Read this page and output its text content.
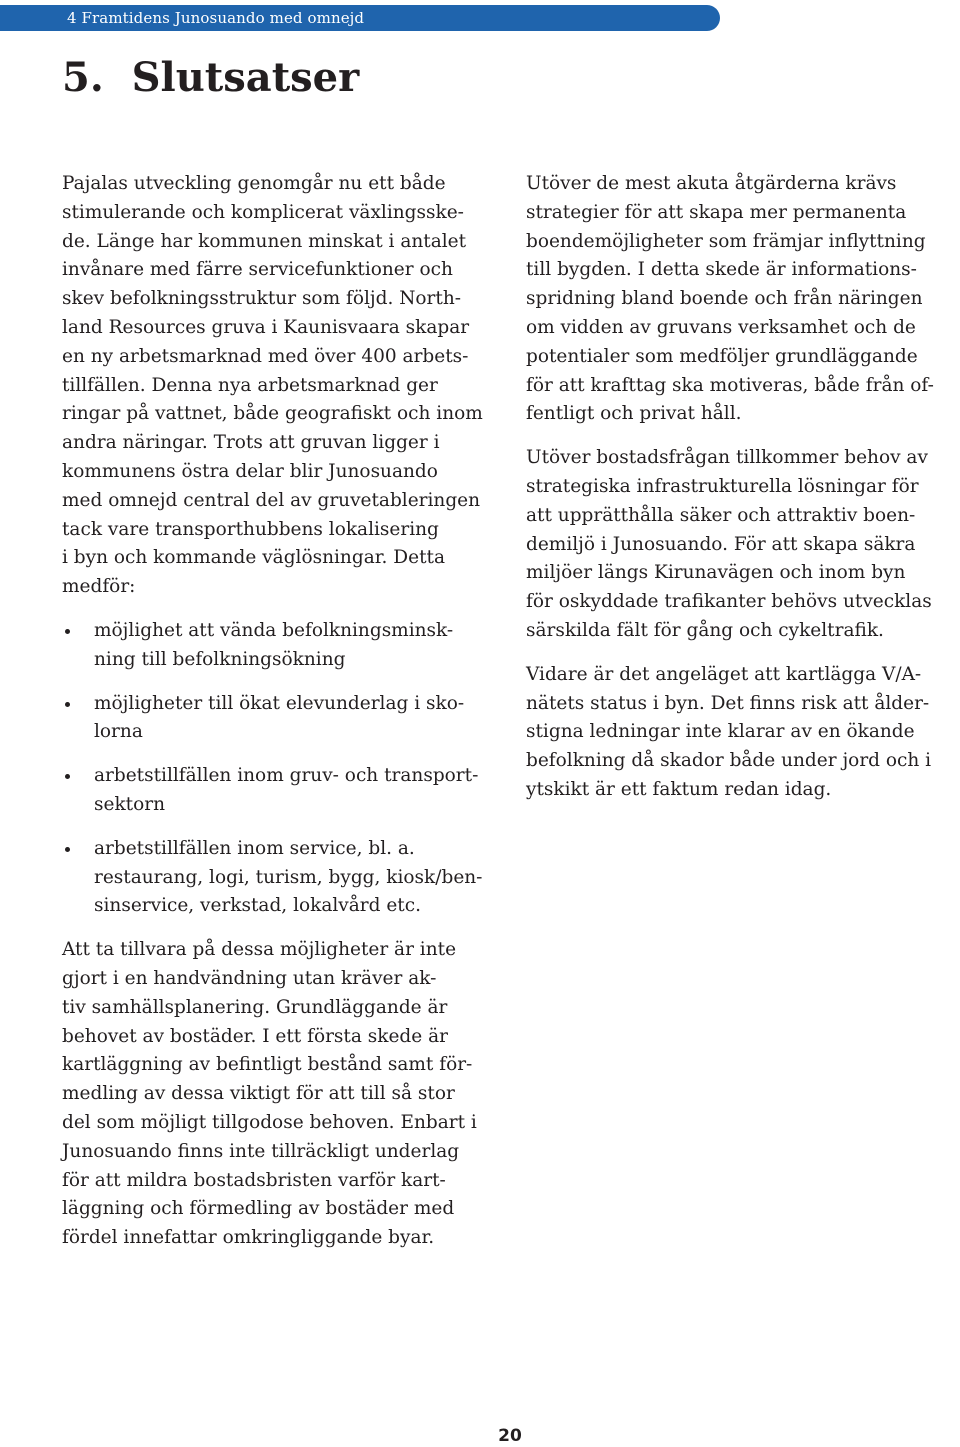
4 Framtidens Junosuando med omnejd
5.  Slutsatser

Pajalas utveckling genomgår nu ett både
stimulerande och komplicerat växlingsske-
de. Länge har kommunen minskat i antalet
invånare med färre servicefunktioner och
skev befolkningsstruktur som följd. North-
land Resources gruva i Kaunisvaara skapar
en ny arbetsmarknad med över 400 arbets-
tillfällen. Denna nya arbetsmarknad ger
ringar på vattnet, både geografiskt och inom
andra näringar. Trots att gruvan ligger i
kommunens östra delar blir Junosuando
med omnejd central del av gruvetableringen
tack vare transporthubbens lokalisering
i byn och kommande väglösningar. Detta
medför:

möjlighet att vända befolkningsminsk-
ning till befolkningsökning
möjligheter till ökat elevunderlag i sko-
lorna
arbetstillfällen inom gruv- och transport-
sektorn
arbetstillfällen inom service, bl. a.
restaurang, logi, turism, bygg, kiosk/ben-
sinservice, verkstad, lokalvård etc.

Att ta tillvara på dessa möjligheter är inte
gjort i en handvändning utan kräver ak-
tiv samhällsplanering. Grundläggande är
behovet av bostäder. I ett första skede är
kartläggning av befintligt bestånd samt för-
medling av dessa viktigt för att till så stor
del som möjligt tillgodose behoven. Enbart i
Junosuando finns inte tillräckligt underlag
för att mildra bostadsbristen varför kart-
läggning och förmedling av bostäder med
fördel innefattar omkringliggande byar.

Utöver de mest akuta åtgärderna krävs
strategier för att skapa mer permanenta
boendemöjligheter som främjar inflyttning
till bygden. I detta skede är informations-
spridning bland boende och från näringen
om vidden av gruvans verksamhet och de
potentialer som medföljer grundläggande
för att krafttag ska motiveras, både från of-
fentligt och privat håll.

Utöver bostadsfrågan tillkommer behov av
strategiska infrastrukturella lösningar för
att upprätthålla säker och attraktiv boen-
demiljö i Junosuando. För att skapa säkra
miljöer längs Kirunavägen och inom byn
för oskyddade trafikanter behövs utvecklas
särskilda fält för gång och cykeltrafik.

Vidare är det angeläget att kartlägga V/A-
nätets status i byn. Det finns risk att ålder-
stigna ledningar inte klarar av en ökande
befolkning då skador både under jord och i
ytskikt är ett faktum redan idag.

20
